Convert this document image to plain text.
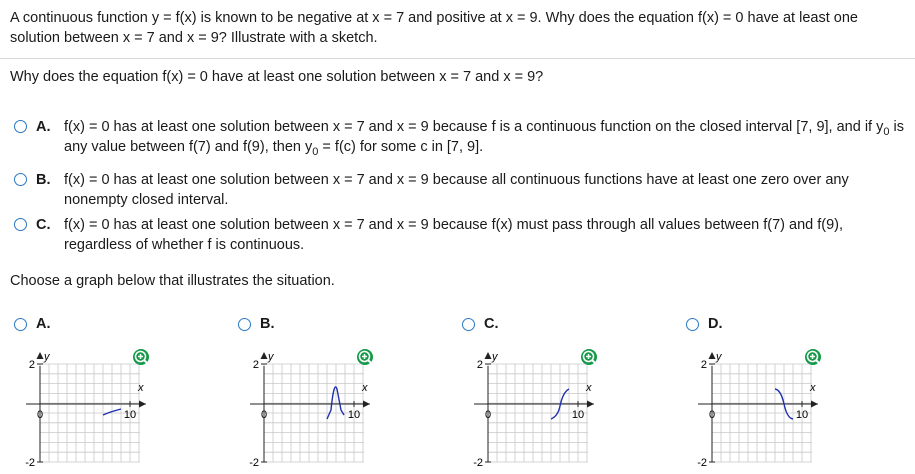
A continuous function y = f(x) is known to be negative at x = 7 and positive at x = 9. Why does the equation f(x) = 0 have at least one solution between x = 7 and x = 9? Illustrate with a sketch.
Why does the equation f(x) = 0 have at least one solution between x = 7 and x = 9?
A. f(x) = 0 has at least one solution between x = 7 and x = 9 because f is a continuous function on the closed interval [7, 9], and if $y_0$ is any value between f(7) and f(9), then $y_0 = f(c)$ for some c in [7, 9].
B. f(x) = 0 has at least one solution between x = 7 and x = 9 because all continuous functions have at least one zero over any nonempty closed interval.
C. f(x) = 0 has at least one solution between x = 7 and x = 9 because f(x) must pass through all values between f(7) and f(9), regardless of whether f is continuous.
Choose a graph below that illustrates the situation.
A.
y
x
2
-2
0	10
B.
y
x
2
-2
0	10
C.
y
x
2
-2
0	10
D.
y
x
2
-2
0	10
